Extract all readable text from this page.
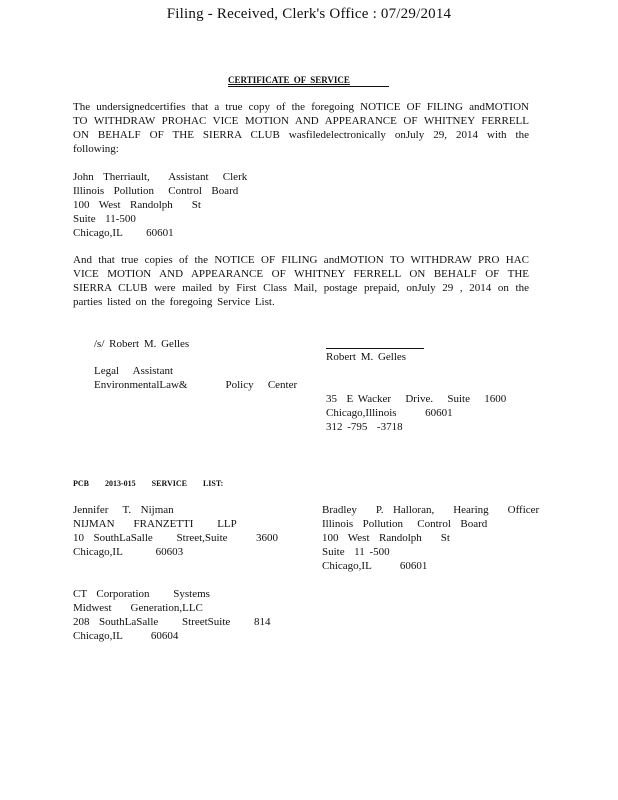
Filing - Received, Clerk's Office : 07/29/2014
CERTIFICATE OF SERVICE
The undersignedcertifies that a true copy of the foregoing NOTICE OF FILING andMOTION TO WITHDRAW PROHAC VICE MOTION AND APPEARANCE OF WHITNEY FERRELL ON BEHALF OF THE SIERRA CLUB wasfiledelectronically onJuly 29, 2014 with the following:
John  Therriault,    Assistant   Clerk
Illinois  Pollution   Control  Board
100  West  Randolph    St
Suite  11-500
Chicago,IL     60601
And that true copies of the NOTICE OF FILING andMOTION TO WITHDRAW PRO HAC VICE MOTION AND APPEARANCE OF WHITNEY FERRELL ON BEHALF OF THE SIERRA CLUB were mailed by First Class Mail, postage prepaid, onJuly 29 , 2014 on the parties listed on the foregoing Service List.
/s/ Robert M. Gelles
Robert M. Gelles
Legal   Assistant
EnvironmentalLaw&        Policy   Center
35  E Wacker   Drive.   Suite   1600
Chicago,Illinois      60601
312 -795  -3718
PCB 2013-015 SERVICE LIST:
Jennifer   T.  Nijman
NIJMAN    FRANZETTI     LLP
10  SouthLaSalle     Street,Suite      3600
Chicago,IL       60603
Bradley    P.  Halloran,    Hearing    Officer
Illinois  Pollution   Control  Board
100  West  Randolph    St
Suite  11 -500
Chicago,IL      60601
CT  Corporation     Systems
Midwest    Generation,LLC
208  SouthLaSalle     StreetSuite     814
Chicago,IL      60604
